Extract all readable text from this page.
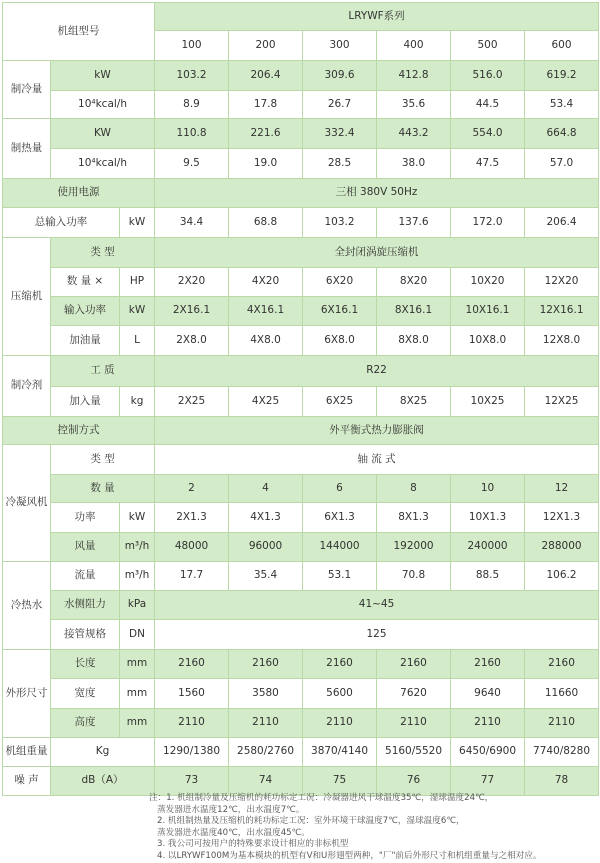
机组型号			LRYWF系列					
			100	200	300	400	500	600
制冷量	kW		103.2	206.4	309.6	412.8	516.0	619.2
	10⁴kcal/h		8.9	17.8	26.7	35.6	44.5	53.4
制热量	KW		110.8	221.6	332.4	443.2	554.0	664.8
	10⁴kcal/h		9.5	19.0	28.5	38.0	47.5	57.0
使用电源			三相 380V 50Hz					
总输入功率		kW	34.4	68.8	103.2	137.6	172.0	206.4
压缩机	类 型		全封闭涡旋压缩机					
	数 量 ×	HP	2X20	4X20	6X20	8X20	10X20	12X20
	输入功率	kW	2X16.1	4X16.1	6X16.1	8X16.1	10X16.1	12X16.1
	加油量	L	2X8.0	4X8.0	6X8.0	8X8.0	10X8.0	12X8.0
制冷剂	工 质		R22					
	加入量	kg	2X25	4X25	6X25	8X25	10X25	12X25
控制方式			外平衡式热力膨胀阀					
冷凝风机	类 型		轴 流 式					
	数 量		2	4	6	8	10	12
	功率	kW	2X1.3	4X1.3	6X1.3	8X1.3	10X1.3	12X1.3
	风量	m³/h	48000	96000	144000	192000	240000	288000
冷热水	流量	m³/h	17.7	35.4	53.1	70.8	88.5	106.2
	水侧阻力	kPa	41~45					
	接管规格	DN	125					
外形尺寸	长度	mm	2160	2160	2160	2160	2160	2160
	宽度	mm	1560	3580	5600	7620	9640	11660
	高度	mm	2110	2110	2110	2110	2110	2110
机组重量	Kg		1290/1380	2580/2760	3870/4140	5160/5520	6450/6900	7740/8280
噪 声	dB（A）		73	74	75	76	77	78
注：1. 机组制冷量及压缩机的耗功标定工况：冷凝器进风干球温度35℃，湿球温度24℃，
蒸发器进水温度12℃，出水温度7℃。
2. 机组制热量及压缩机的耗功标定工况：室外环境干球温度7℃，湿球温度6℃，
蒸发器进水温度40℃，出水温度45℃。
3. 我公司可按用户的特殊要求设计相应的非标机型
4. 以LRYWF100M为基本模块的机型有V和U形翅型两种，"厂"前后外形尺寸和机组重量与之相对应。
